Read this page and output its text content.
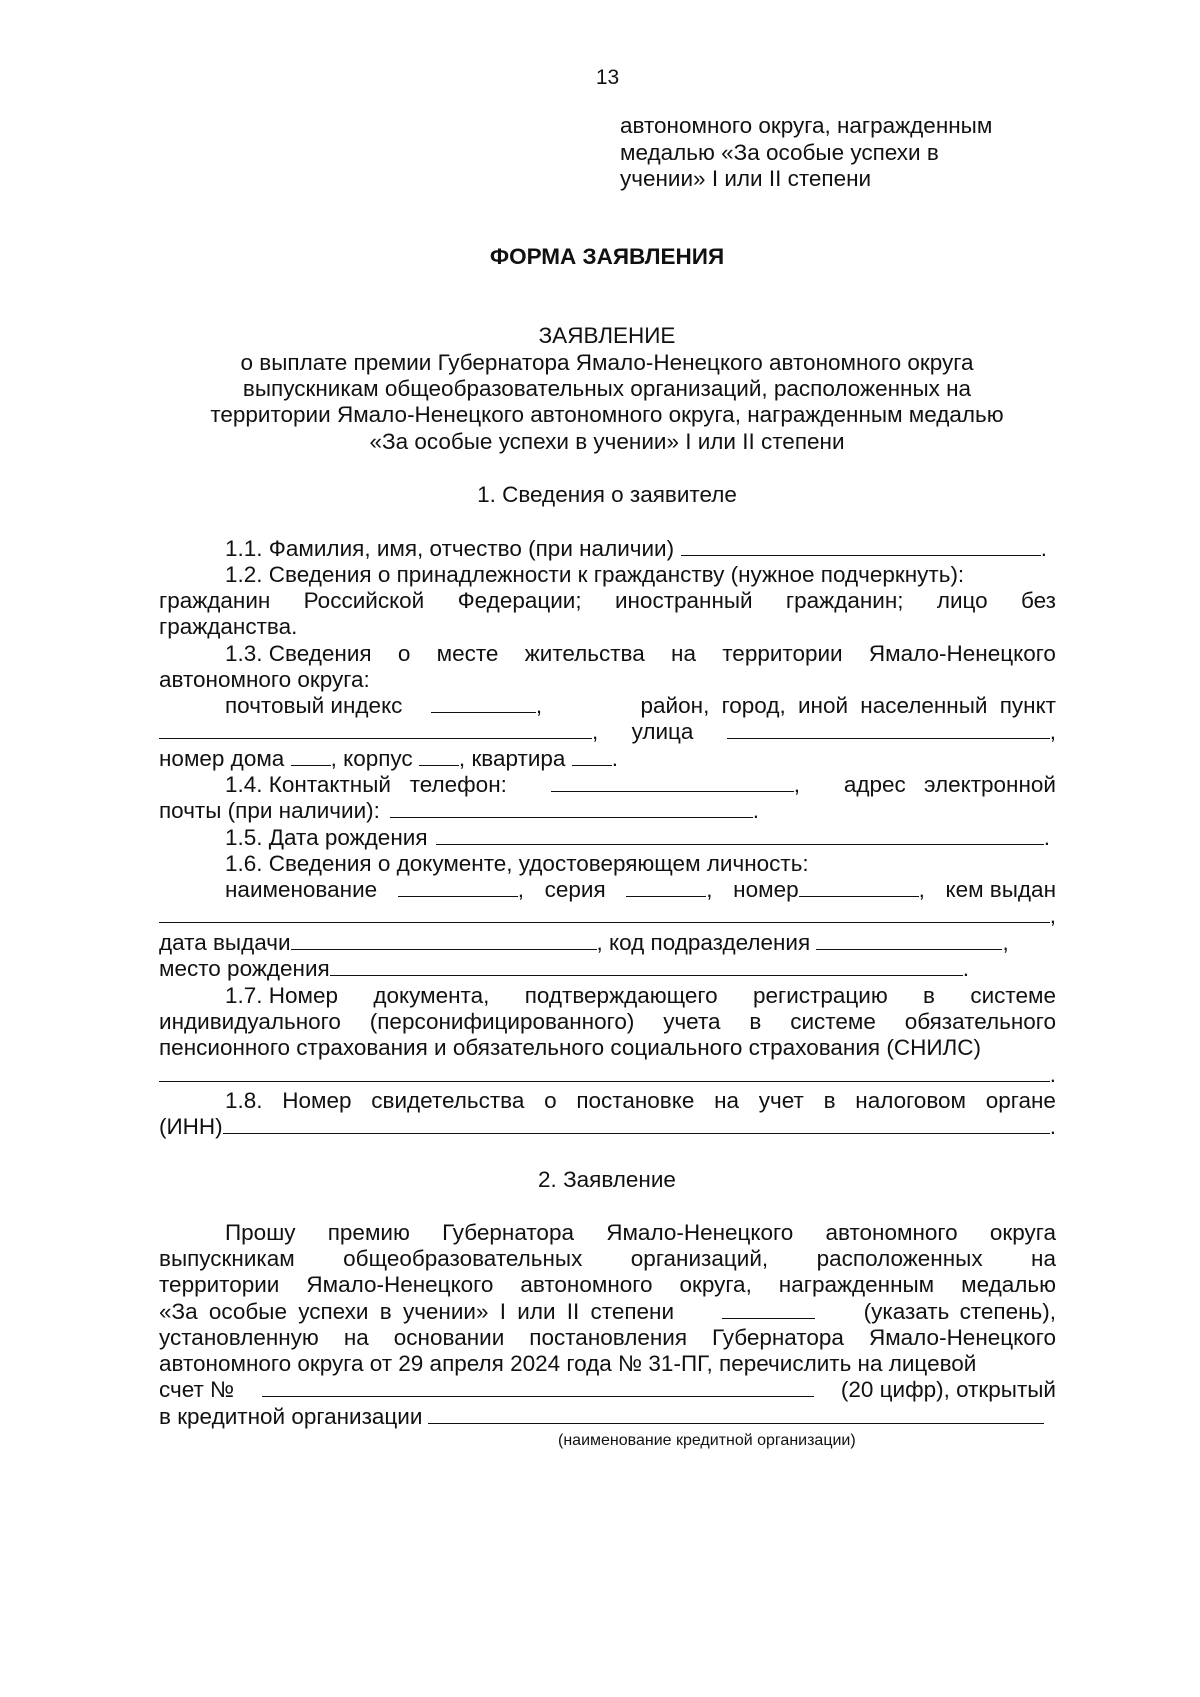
13
автономного округа, награжденным
медалью «За особые успехи в
учении» I или II степени
ФОРМА ЗАЯВЛЕНИЯ
ЗАЯВЛЕНИЕ
о выплате премии Губернатора Ямало-Ненецкого автономного округа
выпускникам общеобразовательных организаций, расположенных на
территории Ямало-Ненецкого автономного округа, награжденным медалью
«За особые успехи в учении» I или II степени
1. Сведения о заявителе
1.1. Фамилия, имя, отчество (при наличии)	.
1.2. Сведения о принадлежности к гражданству (нужное подчеркнуть):
гражданин Российской Федерации; иностранный гражданин; лицо без
гражданства.
1.3. Сведения о месте жительства на территории Ямало-Ненецкого
автономного округа:
почтовый индекс	,	район, город, иной населенный пункт
, улица	,
номер дома
, корпус
, квартира
.
1.4. Контактный   телефон:	, адрес электронной
почты (при наличии):	.
1.5. Дата рождения	.
1.6. Сведения о документе, удостоверяющем личность:
наименование	, серия	, номер	, кем выдан
,
дата выдачи	, код подразделения
	,
место рождения	.
1.7. Номер документа, подтверждающего регистрацию в системе
индивидуального (персонифицированного) учета в системе обязательного
пенсионного страхования и обязательного социального страхования (СНИЛС)
.
1.8. Номер свидетельства о постановке на учет в налоговом органе
(ИНН)	.
2. Заявление
Прошу премию Губернатора Ямало-Ненецкого автономного округа
выпускникам общеобразовательных организаций, расположенных на
территории Ямало-Ненецкого автономного округа, награжденным медалью
«За особые успехи в учении» I или II степени	(указать степень),
установленную на основании постановления Губернатора Ямало-Ненецкого
автономного округа от 29 апреля 2024 года № 31-ПГ, перечислить на лицевой
счет №	(20 цифр), открытый
в кредитной организации
(наименование кредитной организации)
